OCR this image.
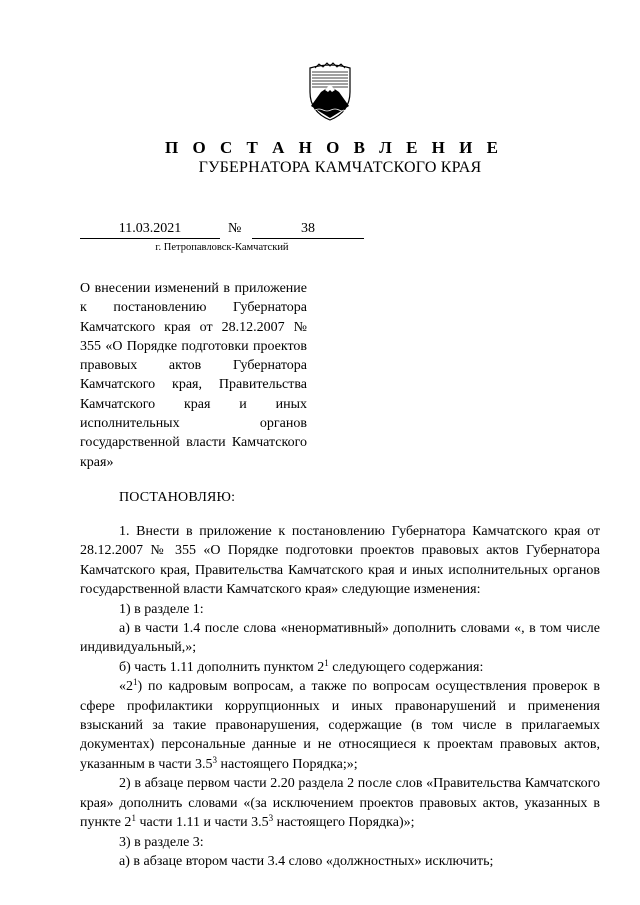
П О С Т А Н О В Л Е Н И Е
ГУБЕРНАТОРА КАМЧАТСКОГО КРАЯ
11.03.2021	№	38
г. Петропавловск-Камчатский
О внесении изменений в приложение к постановлению Губернатора Камчатского края от 28.12.2007 № 355 «О Порядке подготовки проектов правовых актов Губернатора Камчатского края, Правительства Камчатского края и иных исполнительных органов государственной власти Камчатского края»
ПОСТАНОВЛЯЮ:

1. Внести в приложение к постановлению Губернатора Камчатского края от 28.12.2007 № 355 «О Порядке подготовки проектов правовых актов Губернатора Камчатского края, Правительства Камчатского края и иных исполнительных органов государственной власти Камчатского края» следующие изменения:

1) в разделе 1:

а) в части 1.4 после слова «ненормативный» дополнить словами «, в том числе индивидуальный,»;

б) часть 1.11 дополнить пунктом $2^1$ следующего содержания:

«$2^1$) по кадровым вопросам, а также по вопросам осуществления проверок в сфере профилактики коррупционных и иных правонарушений и применения взысканий за такие правонарушения, содержащие (в том числе в прилагаемых документах) персональные данные и не относящиеся к проектам правовых актов, указанным в части $3.5^3$ настоящего Порядка;»;

2) в абзаце первом части 2.20 раздела 2 после слов «Правительства Камчатского края» дополнить словами «(за исключением проектов правовых актов, указанных в пункте $2^1$ части 1.11 и части $3.5^3$ настоящего Порядка)»;

3) в разделе 3:

а) в абзаце втором части 3.4 слово «должностных» исключить;
